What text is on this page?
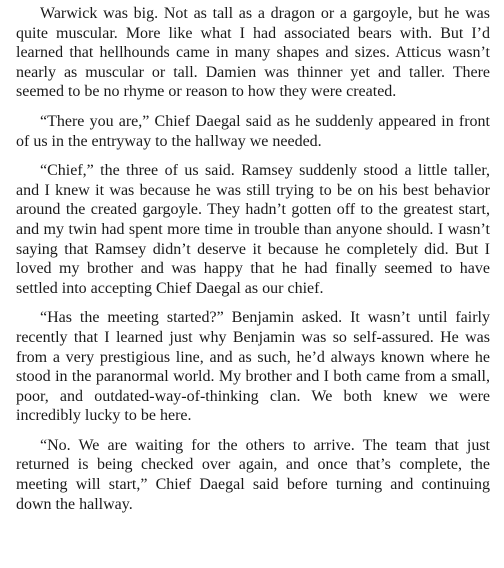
Warwick was big. Not as tall as a dragon or a gargoyle, but he was quite muscular. More like what I had associated bears with. But I’d learned that hellhounds came in many shapes and sizes. Atticus wasn’t nearly as muscular or tall. Damien was thinner yet and taller. There seemed to be no rhyme or reason to how they were created.

“There you are,” Chief Daegal said as he suddenly appeared in front of us in the entryway to the hallway we needed.

“Chief,” the three of us said. Ramsey suddenly stood a little taller, and I knew it was because he was still trying to be on his best behavior around the created gargoyle. They hadn’t gotten off to the greatest start, and my twin had spent more time in trouble than anyone should. I wasn’t saying that Ramsey didn’t deserve it because he completely did. But I loved my brother and was happy that he had finally seemed to have settled into accepting Chief Daegal as our chief.

“Has the meeting started?” Benjamin asked. It wasn’t until fairly recently that I learned just why Benjamin was so self-assured. He was from a very prestigious line, and as such, he’d always known where he stood in the paranormal world. My brother and I both came from a small, poor, and outdated-way-of-thinking clan. We both knew we were incredibly lucky to be here.

“No. We are waiting for the others to arrive. The team that just returned is being checked over again, and once that’s complete, the meeting will start,” Chief Daegal said before turning and continuing down the hallway.
